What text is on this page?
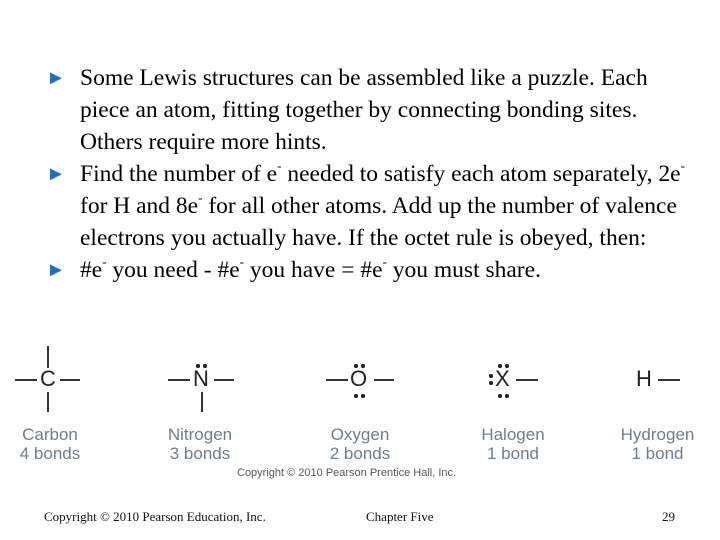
► Some Lewis structures can be assembled like a puzzle. Each piece an atom, fitting together by connecting bonding sites. Others require more hints.
► Find the number of e- needed to satisfy each atom separately, 2e- for H and 8e- for all other atoms. Add up the number of valence electrons you actually have. If the octet rule is obeyed, then:
► #e- you need - #e- you have = #e- you must share.
C
Carbon
4 bonds
N
Nitrogen
3 bonds
O
Oxygen
2 bonds
X
Halogen
1 bond
H
Hydrogen
1 bond
Copyright © 2010 Pearson Prentice Hall, Inc.
Copyright © 2010 Pearson Education, Inc.	Chapter Five	29
